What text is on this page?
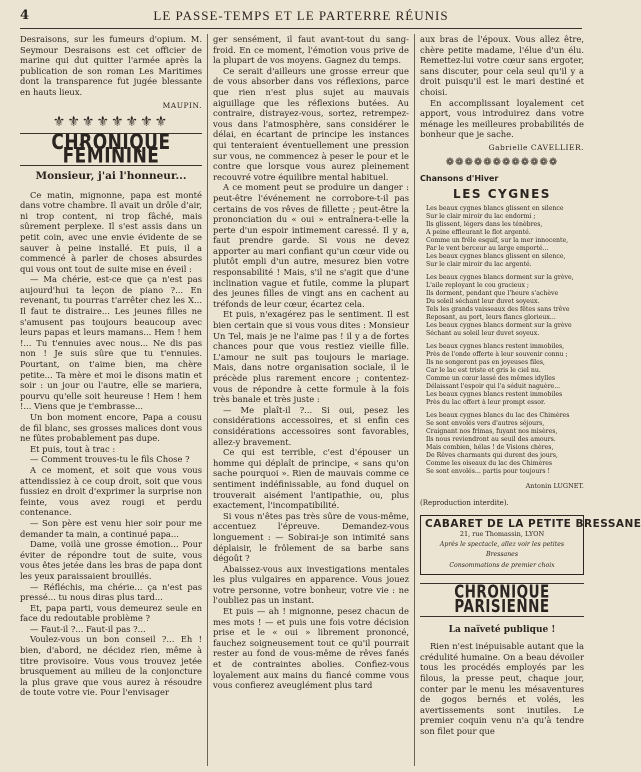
4	LE PASSE-TEMPS ET LE PARTERRE RÉUNIS

Desraisons, sur les fumeurs d'opium. M. Seymour Desraisons est cet officier de marine qui dut quitter l'armée après la publication de son roman Les Maritimes dont la transparence fut jugée blessante en hauts lieux.

MAUPIN.
⚜⚜⚜⚜⚜⚜⚜⚜
CHRONIQUE FÉMININE
Monsieur, j'ai l'honneur...

Ce matin, mignonne, papa est monté dans votre chambre. Il avait un drôle d'air, ni trop content, ni trop fâché, mais sûrement perplexe. Il s'est assis dans un petit coin, avec une envie évidente de se sauver à peine installé. Et puis, il a commencé à parler de choses absurdes qui vous ont tout de suite mise en éveil :

— Ma chérie, est-ce que ça n'est pas aujourd'hui ta leçon de piano ?... En revenant, tu pourras t'arrêter chez les X... Il faut te distraire... Les jeunes filles ne s'amusent pas toujours beaucoup avec leurs papas et leurs mamans... Hem ! hem !... Tu t'ennuies avec nous... Ne dis pas non ! Je suis sûre que tu t'ennuies. Pourtant, on t'aime bien, ma chère petite... Ta mère et moi le disons matin et soir : un jour ou l'autre, elle se mariera, pourvu qu'elle soit heureuse ! Hem ! hem !... Viens que je t'embrasse...

Un bon moment encore, Papa a cousu de fil blanc, ses grosses malices dont vous ne fûtes probablement pas dupe.

Et puis, tout à trac :

— Comment trouves-tu le fils Chose ?

A ce moment, et soit que vous vous attendissiez à ce coup droit, soit que vous fussiez en droit d'exprimer la surprise non feinte, vous avez rougi et perdu contenance.

— Son père est venu hier soir pour me demander ta main, a continué papa...

Dame, voilà une grosse émotion... Pour éviter de répondre tout de suite, vous vous êtes jetée dans les bras de papa dont les yeux paraissaient brouillés.

— Réfléchis, ma chérie... ça n'est pas pressé... tu nous diras plus tard...

Et, papa parti, vous demeurez seule en face du redoutable problème ?

— Faut-il ?... Faut-il pas ?...

Voulez-vous un bon conseil ?... Eh ! bien, d'abord, ne décidez rien, même à titre provisoire. Vous vous trouvez jetée brusquement au milieu de la conjoncture la plus grave que vous aurez à résoudre de toute votre vie. Pour l'envisager

ger sensément, il faut avant-tout du sang-froid. En ce moment, l'émotion vous prive de la plupart de vos moyens. Gagnez du temps.

Ce serait d'ailleurs une grosse erreur que de vous absorber dans vos réflexions, parce que rien n'est plus sujet au mauvais aiguillage que les réflexions butées. Au contraire, distrayez-vous, sortez, retrempez-vous dans l'atmosphère, sans considérer le délai, en écartant de principe les instances qui tenteraient éventuellement une pression sur vous, ne commencez à peser le pour et le contre que lorsque vous aurez pleinement recouvré votre équilibre mental habituel.

A ce moment peut se produire un danger : peut-être l'événement ne corrobore-t-il pas certains de vos rêves de fillette ; peut-être la prononciation du « oui » entraînera-t-elle la perte d'un espoir intimement caressé. Il y a, faut prendre garde. Si vous ne devez apporter au mari confiant qu'un cœur vide ou plutôt empli d'un autre, mesurez bien votre responsabilité ! Mais, s'il ne s'agit que d'une inclination vague et futile, comme la plupart des jeunes filles de vingt ans en cachent au tréfonds de leur cœur, écartez cela.

Et puis, n'exagérez pas le sentiment. Il est bien certain que si vous vous dites : Monsieur Un Tel, mais je ne l'aime pas ! il y a de fortes chances pour que vous restiez vieille fille. L'amour ne suit pas toujours le mariage. Mais, dans notre organisation sociale, il le précède plus rarement encore ; contentez-vous de répondre à cette formule à la fois très banale et très juste :

— Me plaît-il ?... Si oui, pesez les considérations accessoires, et si enfin ces considérations accessoires sont favorables, allez-y bravement.

Ce qui est terrible, c'est d'épouser un homme qui déplaît de principe, « sans qu'on sache pourquoi ». Rien de mauvais comme ce sentiment indéfinissable, au fond duquel on trouverait aisément l'antipathie, ou, plus exactement, l'incompatibilité.

Si vous n'êtes pas très sûre de vous-même, accentuez l'épreuve. Demandez-vous longuement : — Sobirai-je son intimité sans déplaisir, le frôlement de sa barbe sans dégoût ?

Abaissez-vous aux investigations mentales les plus vulgaires en apparence. Vous jouez votre personne, votre bonheur, votre vie : ne l'oubliez pas un instant.

Et puis — ah ! mignonne, pesez chacun de mes mots ! — et puis une fois votre décision prise et le « oui » librement prononcé, fauchez soigneusement tout ce qu'il pourrait rester au fond de vous-même de rêves fanés et de contraintes abolies. Confiez-vous loyalement aux mains du fiancé comme vous vous confierez aveuglément plus tard

aux bras de l'époux. Vous allez être, chère petite madame, l'élue d'un élu. Remettez-lui votre cœur sans ergoter, sans discuter, pour cela seul qu'il y a droit puisqu'il est le mari destiné et choisi.

En accomplissant loyalement cet apport, vous introduirez dans votre ménage les meilleures probabilités de bonheur que je sache.

Gabrielle CAVELLIER.
❁❁❁❁❁❁❁❁❁❁❁❁
Chansons d'Hiver
LES CYGNES
Les beaux cygnes blancs glissent en silence
Sur le clair miroir du lac endormi ;
Ils glissent, légers dans les ténèbres,
A peine effleurant le flot argenté.
Comme un frêle esquif, sur la mer innocente,
Par le vent berceur au large emporté...
Les beaux cygnes blancs glissent en silence,
Sur le clair miroir du lac argenté.
Les beaux cygnes blancs dorment sur la grève,
L'aile reployant le cou gracieux ;
Ils dorment, pendant que l'heure s'achève
Du soleil séchant leur duvet soyeux.
Tels les grands vaisseaux des fêtes sans trêve
Reposant, au port, leurs flancs glorieux...
Les beaux cygnes blancs dorment sur la grève
Séchant au soleil leur duvet soyeux.
Les beaux cygnes blancs restent immobiles,
Près de l'onde offerte à leur souvenir connu ;
Ils ne songeront pas en joyeuses files,
Car le lac est triste et gris le ciel nu.
Comme un cœur lassé des mêmes idylles
Délaissant l'espoir qui l'a séduit naguère...
Les beaux cygnes blancs restent immobiles
Près du lac offert à leur prompt essor.
Les beaux cygnes blancs du lac des Chimères
Se sont envolés vers d'autres séjours,
Craignant nos frimas, fuyant nos misères,
Ils nous reviendront au seuil des amours.
Mais combien, hélas ! de Visions chères,
De Rêves charmants qui durent des jours,
Comme les oiseaux du lac des Chimères
Se sont envolés... partis pour toujours !
Antonin LUGNET.
(Reproduction interdite).
CABARET DE LA PETITE BRESSANE
21, rue Thomassin, LYON
Après le spectacle, allez voir les petites Bressanes
Consommations de premier choix
CHRONIQUE PARISIENNE
La naïveté publique !

Rien n'est inépuisable autant que la crédulité humaine. On a beau dévoiler tous les procédés employés par les filous, la presse peut, chaque jour, conter par le menu les mésaventures de gogos bernés et volés, les avertissements sont inutiles. Le premier coquin venu n'a qu'à tendre son filet pour que
